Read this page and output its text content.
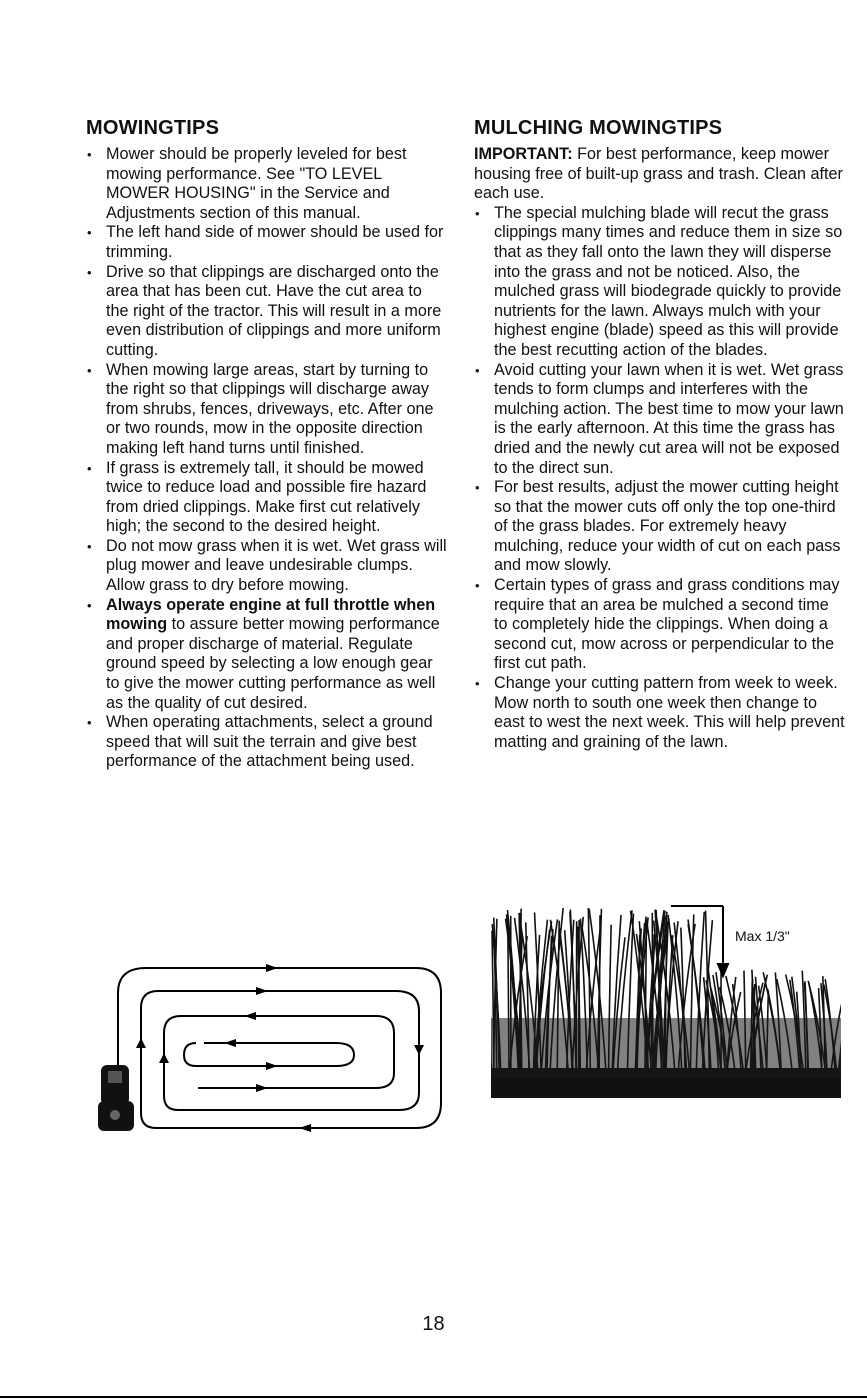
MOWINGTIPS
• Mower should be properly leveled for best mowing performance. See "TO LEVEL MOWER HOUSING" in the Service and Adjustments section of this manual.
• The left hand side of mower should be used for trimming.
• Drive so that clippings are discharged onto the area that has been cut. Have the cut area to the right of the tractor. This will result in a more even distribution of clippings and more uniform cutting.
• When mowing large areas, start by turning to the right so that clippings will discharge away from shrubs, fences, driveways, etc. After one or two rounds, mow in the opposite direction making left hand turns until finished.
• If grass is extremely tall, it should be mowed twice to reduce load and possible fire hazard from dried clippings. Make first cut relatively high; the second to the desired height.
• Do not mow grass when it is wet. Wet grass will plug mower and leave undesirable clumps. Allow grass to dry before mowing.
• Always operate engine at full throttle when mowing to assure better mowing performance and proper discharge of material. Regulate ground speed by selecting a low enough gear to give the mower cutting performance as well as the quality of cut desired.
• When operating attachments, select a ground speed that will suit the terrain and give best performance of the attachment being used.
MULCHING MOWINGTIPS

IMPORTANT: For best performance, keep mower housing free of built-up grass and trash. Clean after each use.

• The special mulching blade will recut the grass clippings many times and reduce them in size so that as they fall onto the lawn they will disperse into the grass and not be noticed. Also, the mulched grass will biodegrade quickly to provide nutrients for the lawn. Always mulch with your highest engine (blade) speed as this will provide the best recutting action of the blades.
• Avoid cutting your lawn when it is wet. Wet grass tends to form clumps and interferes with the mulching action. The best time to mow your lawn is the early afternoon. At this time the grass has dried and the newly cut area will not be exposed to the direct sun.
• For best results, adjust the mower cutting height so that the mower cuts off only the top one-third of the grass blades. For extremely heavy mulching, reduce your width of cut on each pass and mow slowly.
• Certain types of grass and grass conditions may require that an area be mulched a second time to completely hide the clippings. When doing a second cut, mow across or perpendicular to the first cut path.
• Change your cutting pattern from week to week. Mow north to south one week then change to east to west the next week. This will help prevent matting and graining of the lawn.
Max 1/3"
18
